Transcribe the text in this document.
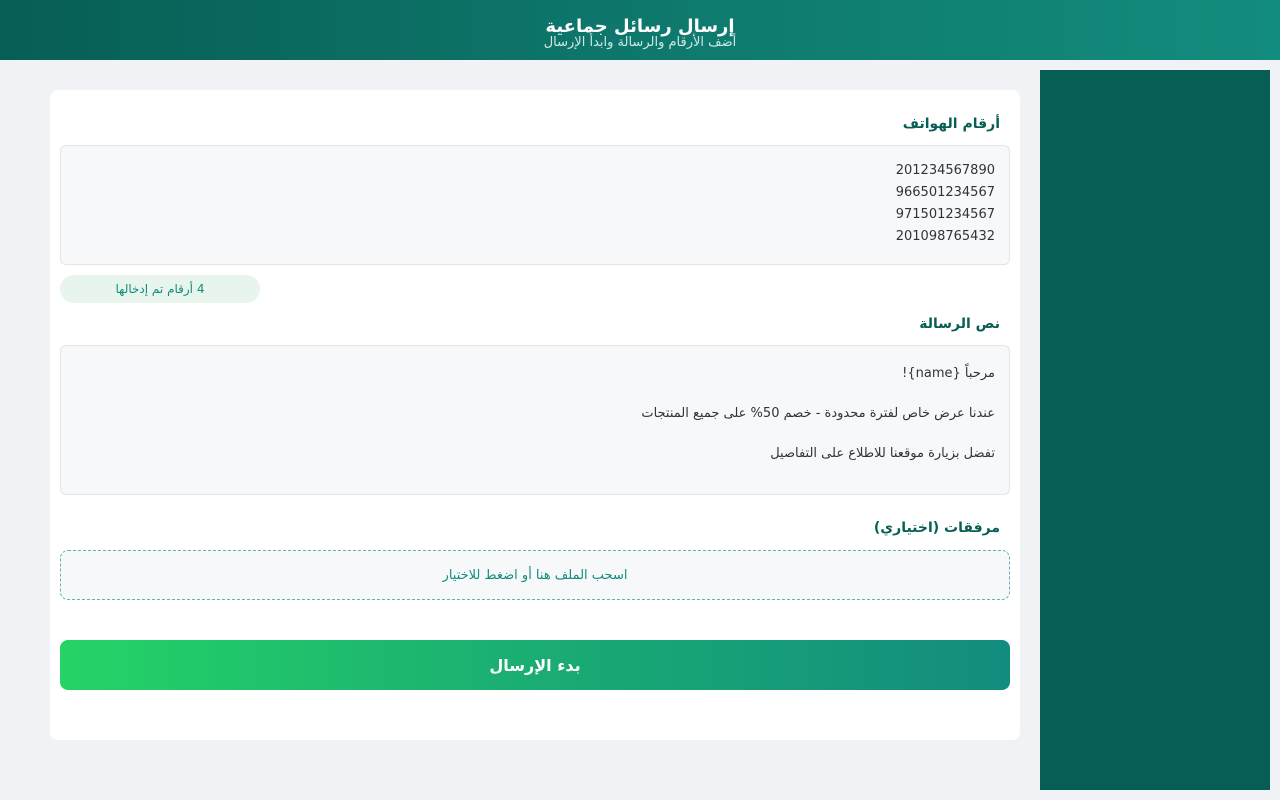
إرسال رسائل جماعية
أضف الأرقام والرسالة وابدأ الإرسال
أرقام الهواتف
201234567890
966501234567
971501234567
201098765432
4 أرقام تم إدخالها
نص الرسالة
مرحباً {name}!
عندنا عرض خاص لفترة محدودة - خصم 50% على جميع المنتجات
تفضل بزيارة موقعنا للاطلاع على التفاصيل
مرفقات (اختياري)
اسحب الملف هنا أو اضغط للاختيار
بدء الإرسال
